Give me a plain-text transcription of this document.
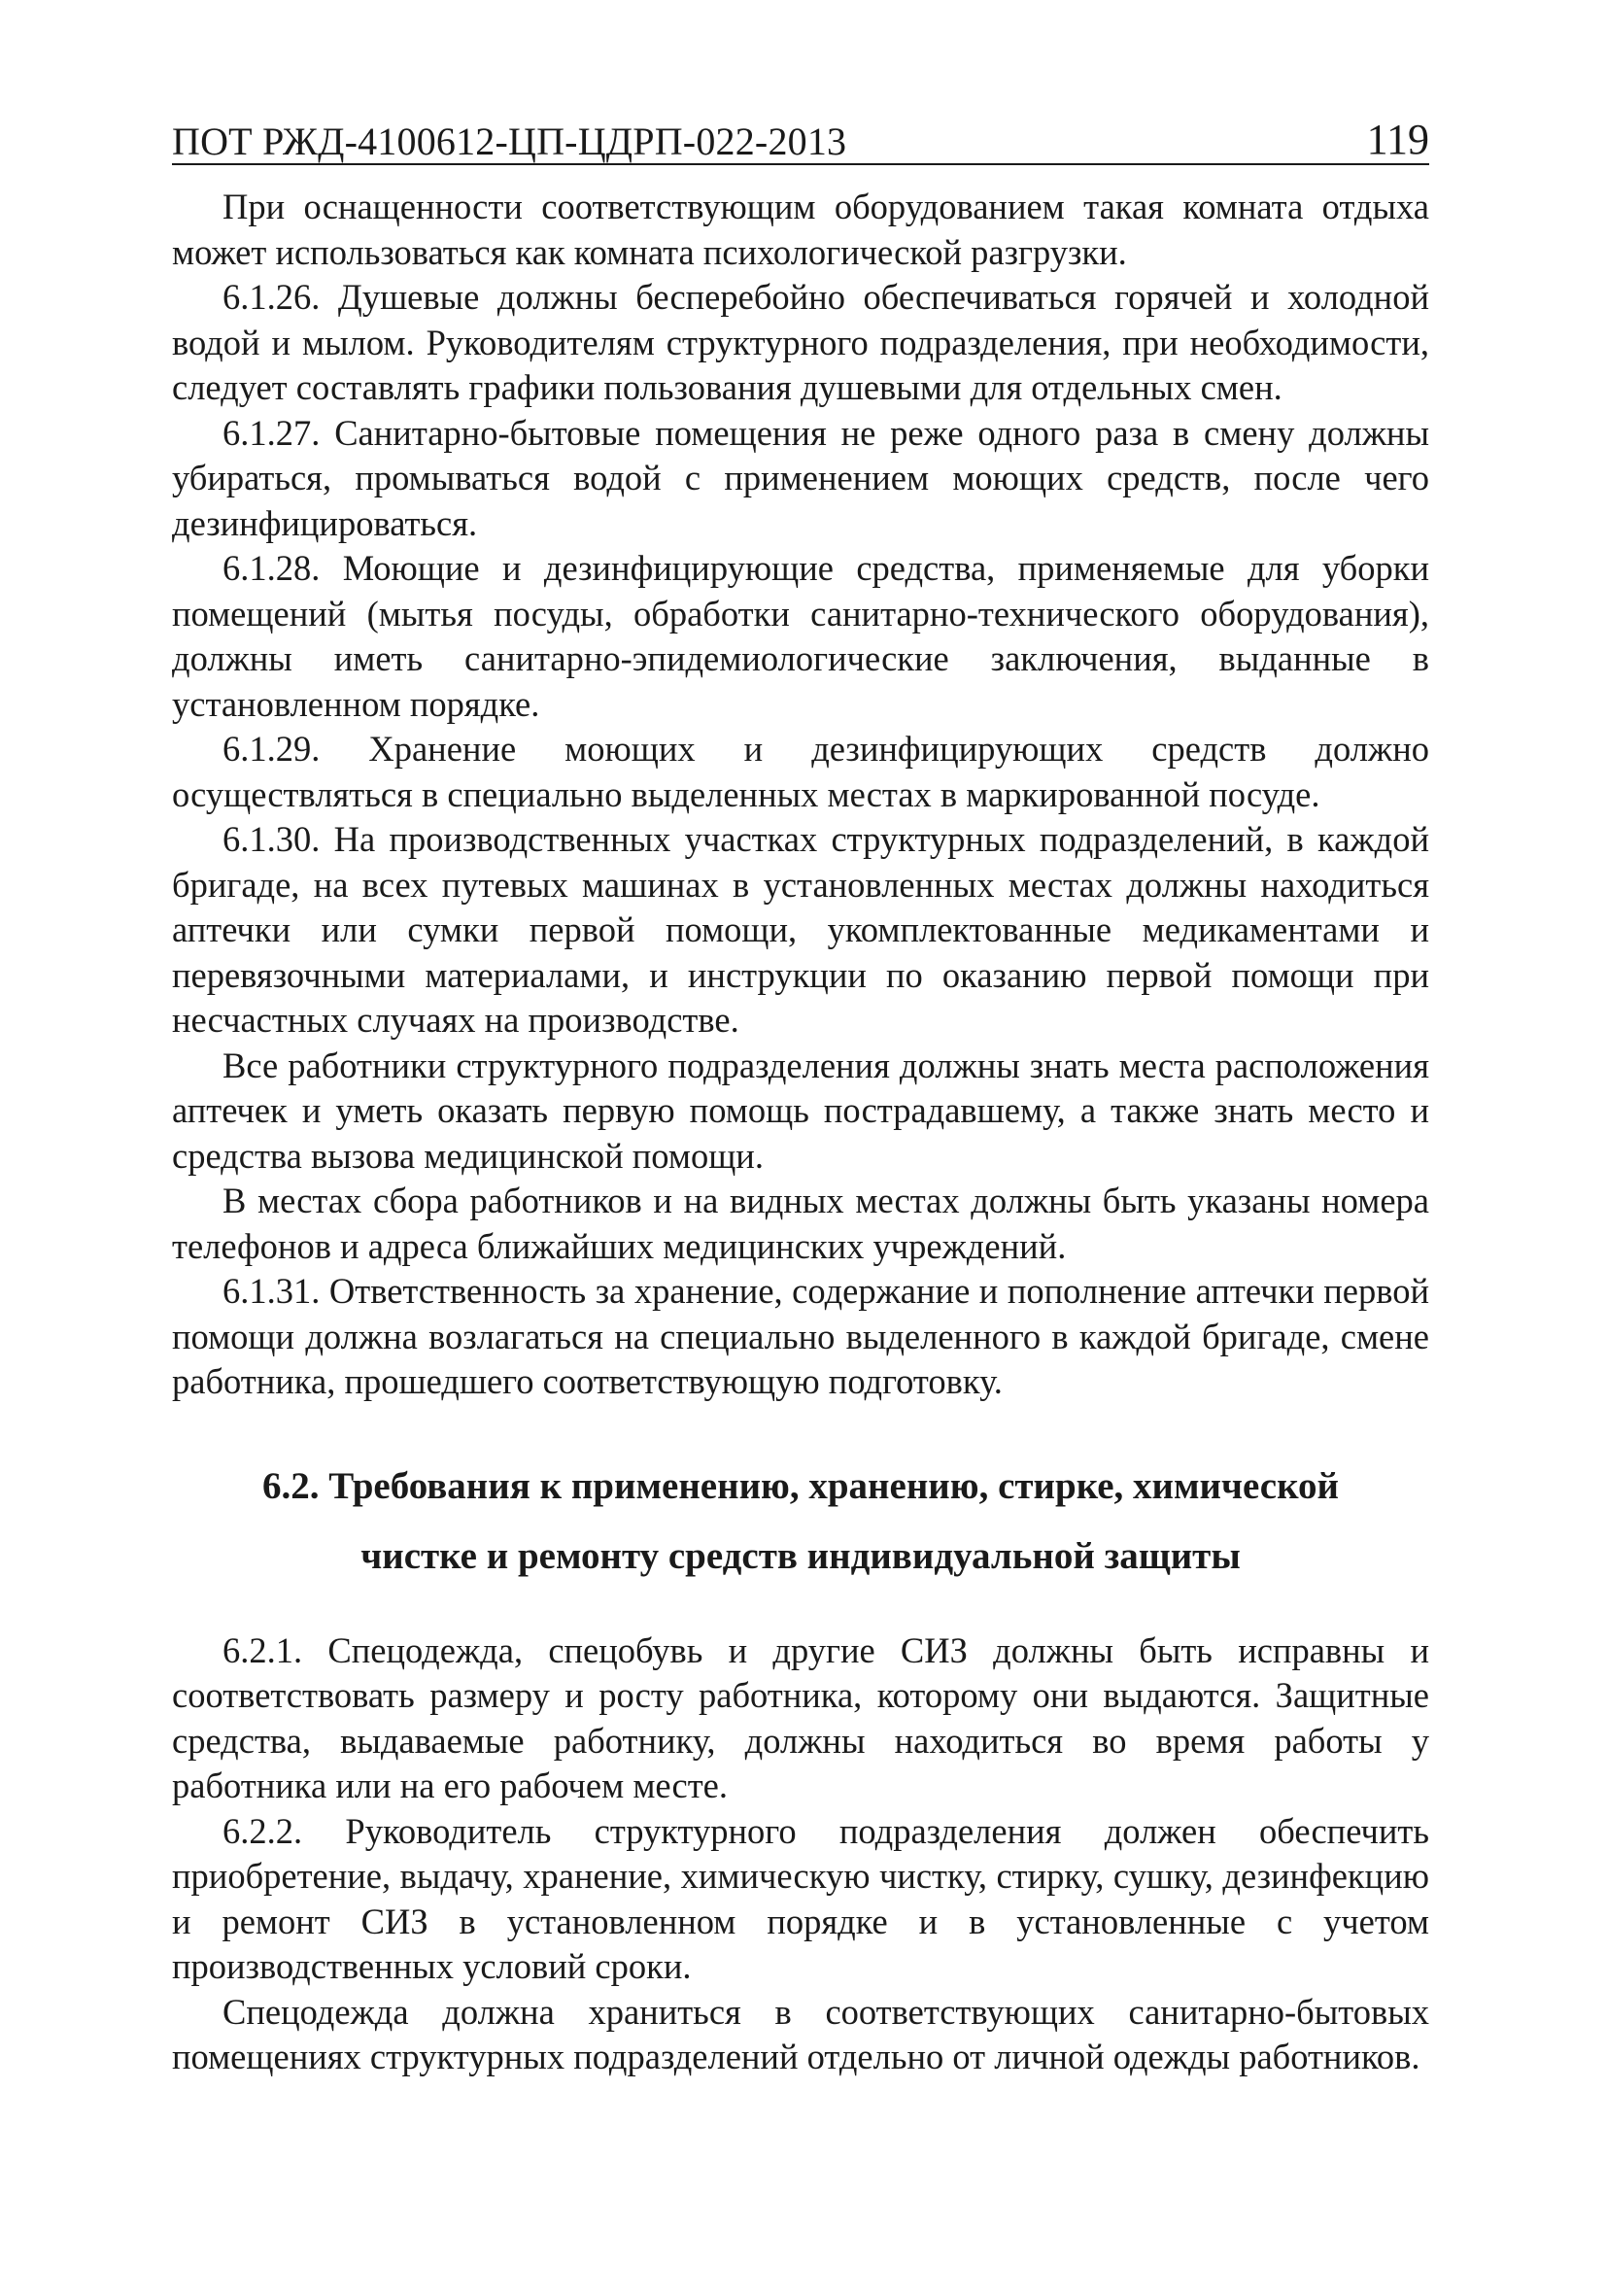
ПОТ РЖД-4100612-ЦП-ЦДРП-022-2013	119

При оснащенности соответствующим оборудованием такая комната отдыха может использоваться как комната психологической разгрузки.

6.1.26. Душевые должны бесперебойно обеспечиваться горячей и холодной водой и мылом. Руководителям структурного подразделения, при необходимости, следует составлять графики пользования душевыми для отдельных смен.

6.1.27. Санитарно-бытовые помещения не реже одного раза в смену должны убираться, промываться водой с применением моющих средств, после чего дезинфицироваться.

6.1.28. Моющие и дезинфицирующие средства, применяемые для уборки помещений (мытья посуды, обработки санитарно-технического оборудования), должны иметь санитарно-эпидемиологические заключения, выданные в установленном порядке.

6.1.29. Хранение моющих и дезинфицирующих средств должно осуществляться в специально выделенных местах в маркированной посуде.

6.1.30. На производственных участках структурных подразделений, в каждой бригаде, на всех путевых машинах в установленных местах должны находиться аптечки или сумки первой помощи, укомплектованные медикаментами и перевязочными материалами, и инструкции по оказанию первой помощи при несчастных случаях на производстве.

Все работники структурного подразделения должны знать места расположения аптечек и уметь оказать первую помощь пострадавшему, а также знать место и средства вызова медицинской помощи.

В местах сбора работников и на видных местах должны быть указаны номера телефонов и адреса ближайших медицинских учреждений.

6.1.31. Ответственность за хранение, содержание и пополнение аптечки первой помощи должна возлагаться на специально выделенного в каждой бригаде, смене работника, прошедшего соответствующую подготовку.

6.2. Требования к применению, хранению, стирке, химической чистке и ремонту средств индивидуальной защиты

6.2.1. Спецодежда, спецобувь и другие СИЗ должны быть исправны и соответствовать размеру и росту работника, которому они выдаются. Защитные средства, выдаваемые работнику, должны находиться во время работы у работника или на его рабочем месте.

6.2.2. Руководитель структурного подразделения должен обеспечить приобретение, выдачу, хранение, химическую чистку, стирку, сушку, дезинфекцию и ремонт СИЗ в установленном порядке и в установленные с учетом производственных условий сроки.

Спецодежда должна храниться в соответствующих санитарно-бытовых помещениях структурных подразделений отдельно от личной одежды работников.
